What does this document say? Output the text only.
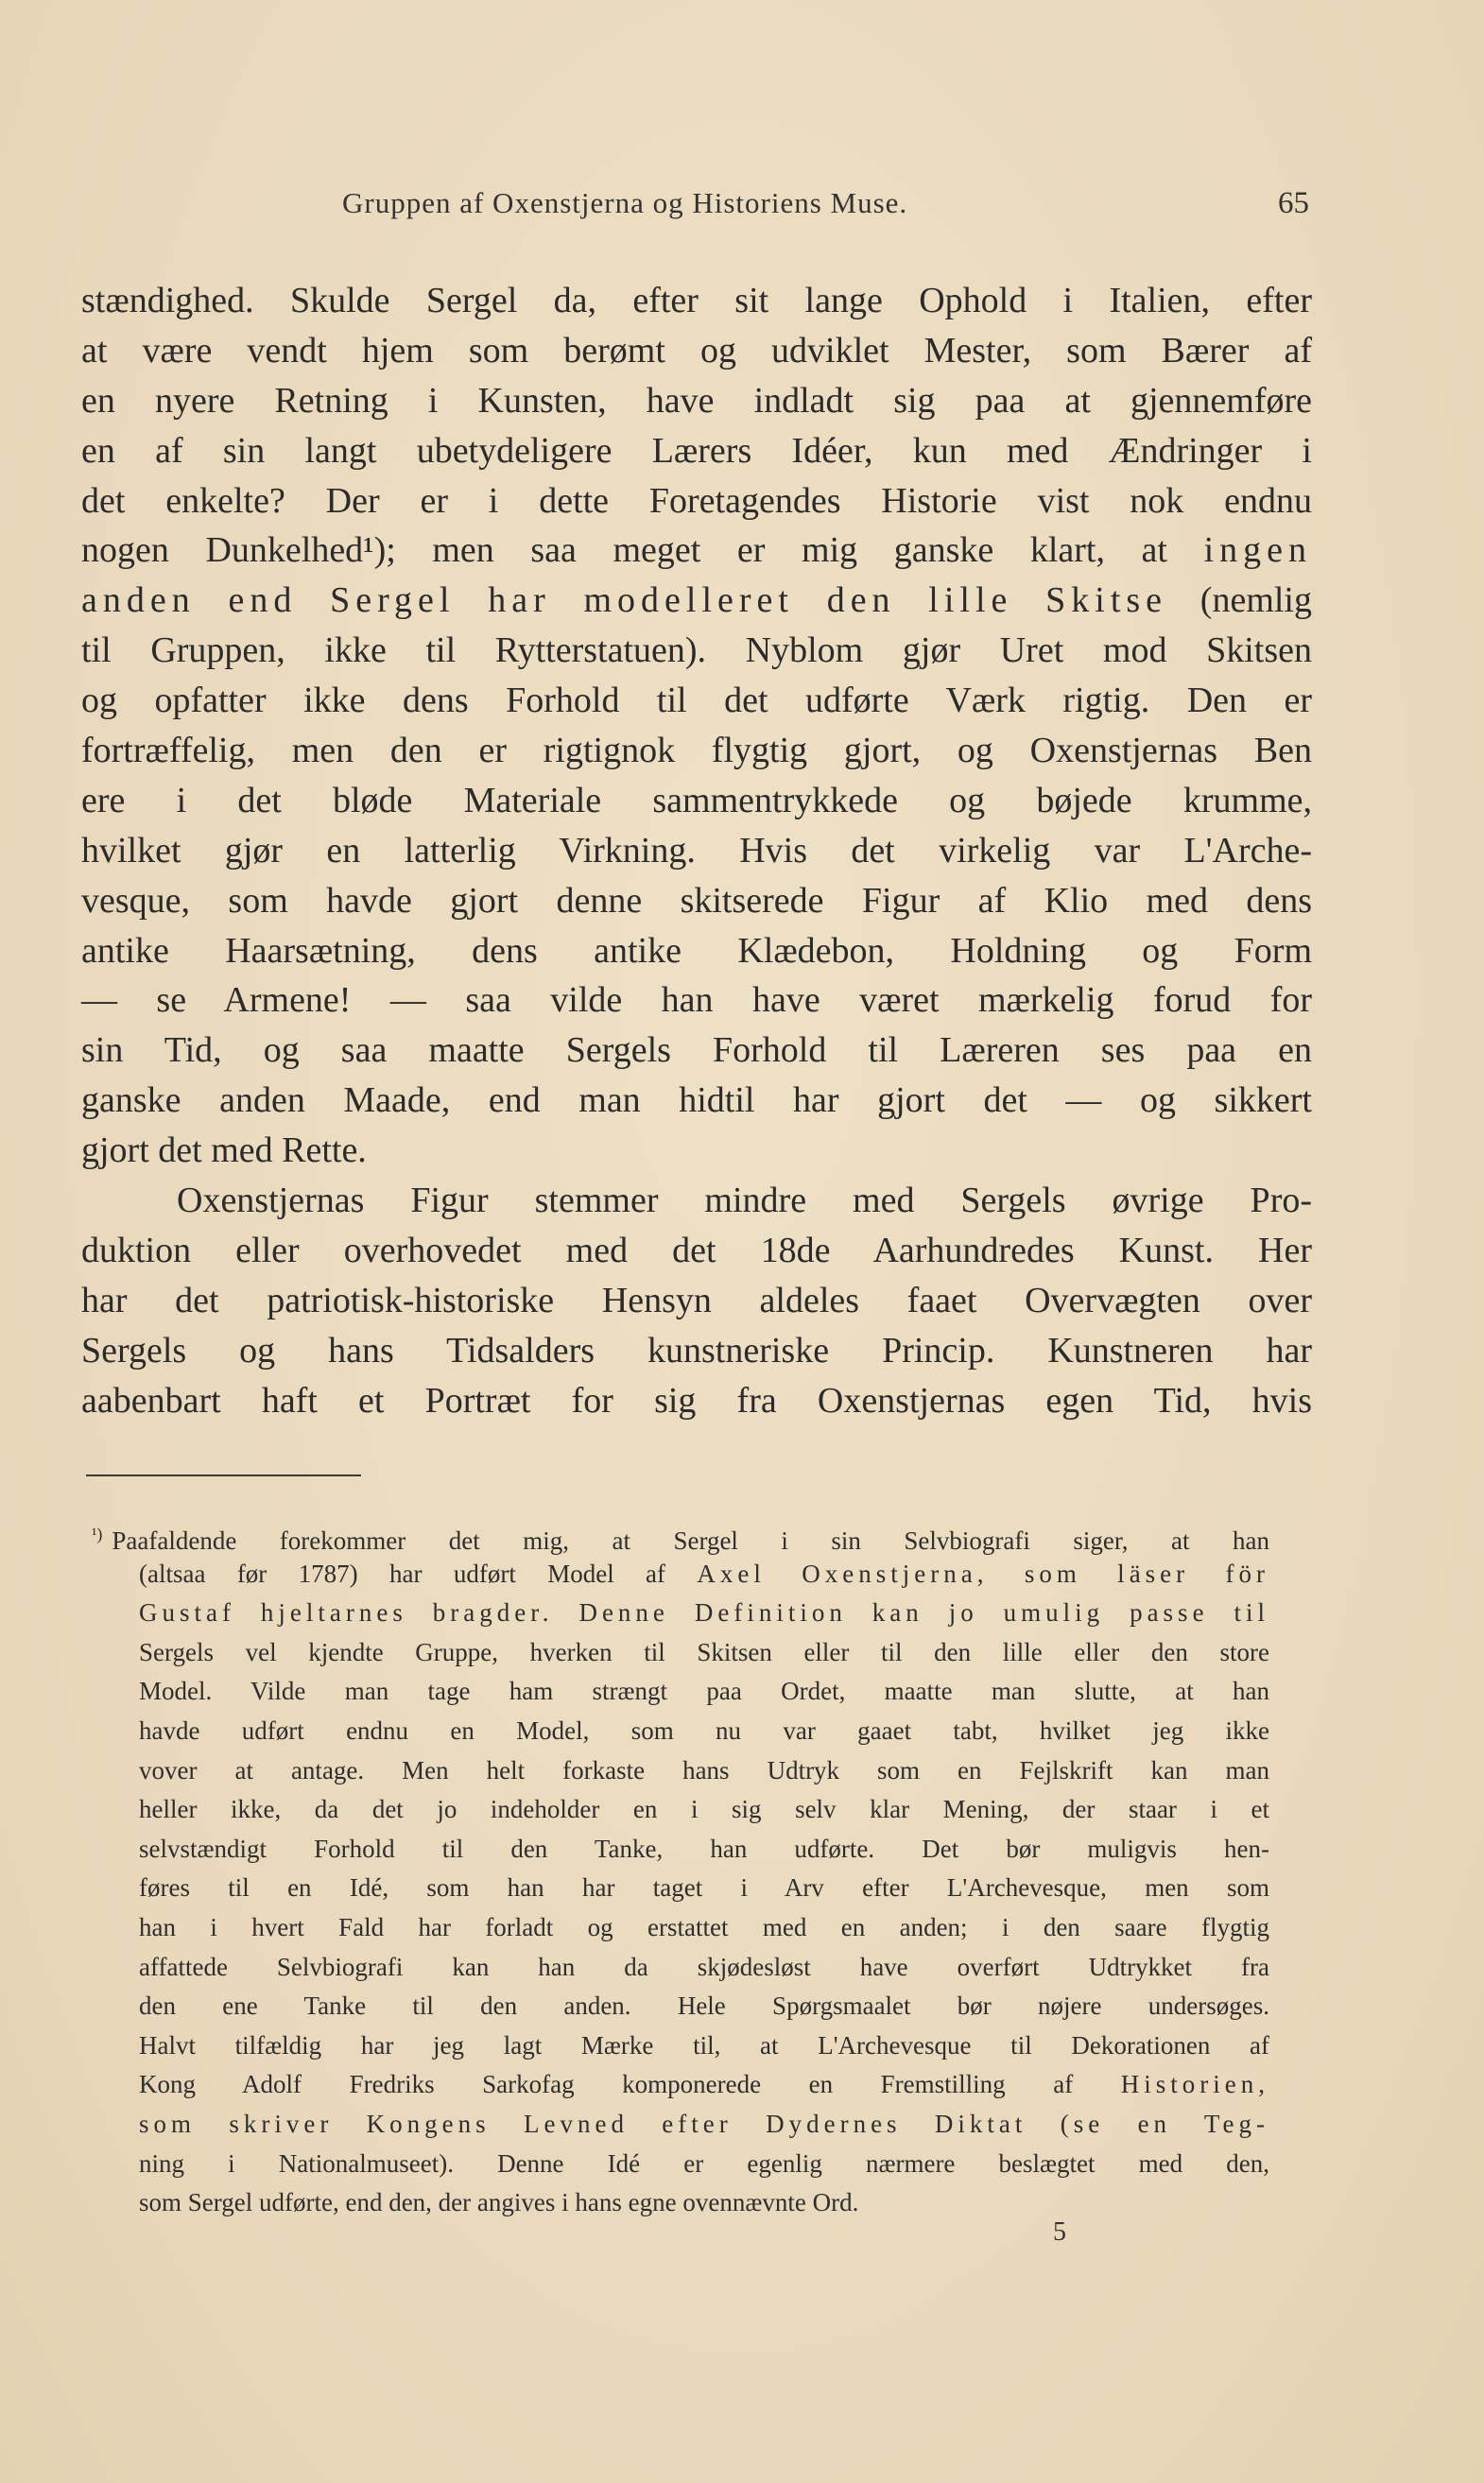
Gruppen af Oxenstjerna og Historiens Muse.	65
stændighed. Skulde Sergel da, efter sit lange Ophold i Italien, efter
at være vendt hjem som berømt og udviklet Mester, som Bærer af
en nyere Retning i Kunsten, have indladt sig paa at gjennemføre
en af sin langt ubetydeligere Lærers Idéer, kun med Ændringer i
det enkelte? Der er i dette Foretagendes Historie vist nok endnu
nogen Dunkelhed¹); men saa meget er mig ganske klart, at ingen
anden end Sergel har modelleret den lille Skitse (nemlig
til Gruppen, ikke til Rytterstatuen). Nyblom gjør Uret mod Skitsen
og opfatter ikke dens Forhold til det udførte Værk rigtig. Den er
fortræffelig, men den er rigtignok flygtig gjort, og Oxenstjernas Ben
ere i det bløde Materiale sammentrykkede og bøjede krumme,
hvilket gjør en latterlig Virkning. Hvis det virkelig var L'Arche-
vesque, som havde gjort denne skitserede Figur af Klio med dens
antike Haarsætning, dens antike Klædebon, Holdning og Form
— se Armene! — saa vilde han have været mærkelig forud for
sin Tid, og saa maatte Sergels Forhold til Læreren ses paa en
ganske anden Maade, end man hidtil har gjort det — og sikkert
gjort det med Rette.
Oxenstjernas Figur stemmer mindre med Sergels øvrige Pro-
duktion eller overhovedet med det 18de Aarhundredes Kunst. Her
har det patriotisk-historiske Hensyn aldeles faaet Overvægten over
Sergels og hans Tidsalders kunstneriske Princip. Kunstneren har
aabenbart haft et Portræt for sig fra Oxenstjernas egen Tid, hvis
$^{^1)}$ Paafaldende forekommer det mig, at Sergel i sin Selvbiografi siger, at han
(altsaa før 1787) har udført Model af Axel Oxenstjerna, som läser för
Gustaf hjeltarnes bragder. Denne Definition kan jo umulig passe til
Sergels vel kjendte Gruppe, hverken til Skitsen eller til den lille eller den store
Model. Vilde man tage ham strængt paa Ordet, maatte man slutte, at han
havde udført endnu en Model, som nu var gaaet tabt, hvilket jeg ikke
vover at antage. Men helt forkaste hans Udtryk som en Fejlskrift kan man
heller ikke, da det jo indeholder en i sig selv klar Mening, der staar i et
selvstændigt Forhold til den Tanke, han udførte. Det bør muligvis hen-
føres til en Idé, som han har taget i Arv efter L'Archevesque, men som
han i hvert Fald har forladt og erstattet med en anden; i den saare flygtig
affattede Selvbiografi kan han da skjødesløst have overført Udtrykket fra
den ene Tanke til den anden. Hele Spørgsmaalet bør nøjere undersøges.
Halvt tilfældig har jeg lagt Mærke til, at L'Archevesque til Dekorationen af
Kong Adolf Fredriks Sarkofag komponerede en Fremstilling af Historien,
som skriver Kongens Levned efter Dydernes Diktat (se en Teg-
ning i Nationalmuseet). Denne Idé er egenlig nærmere beslægtet med den,
som Sergel udførte, end den, der angives i hans egne ovennævnte Ord.
5
